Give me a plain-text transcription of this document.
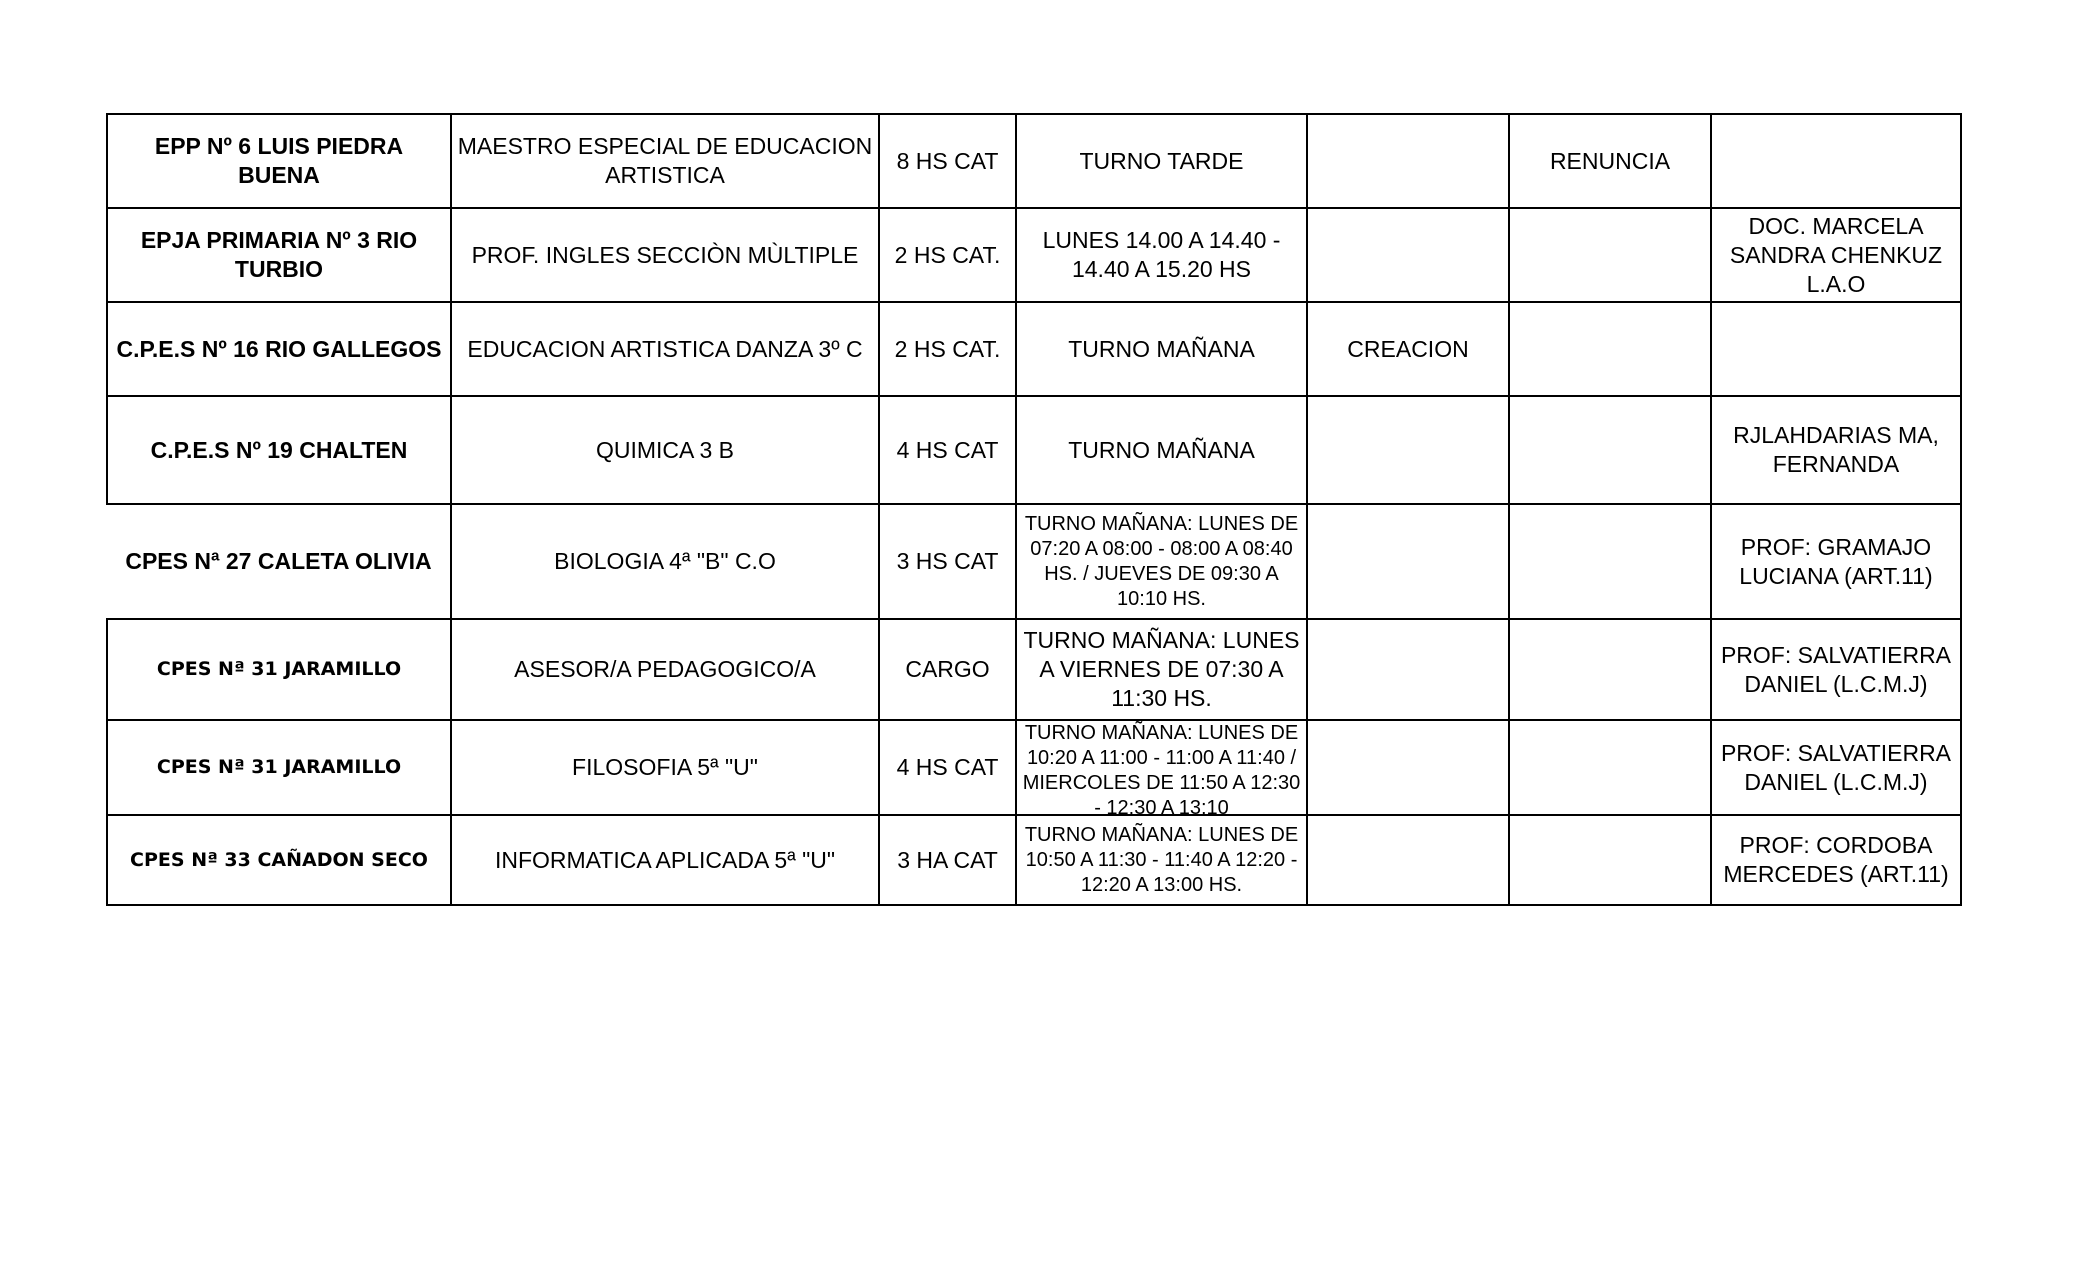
EPP Nº 6 LUIS PIEDRA BUENA	MAESTRO ESPECIAL DE EDUCACION ARTISTICA	8 HS CAT	TURNO TARDE		RENUNCIA	
EPJA PRIMARIA Nº 3 RIO TURBIO	PROF. INGLES SECCIÒN MÙLTIPLE	2 HS CAT.	LUNES 14.00 A 14.40 - 14.40 A 15.20 HS			DOC. MARCELA SANDRA CHENKUZ L.A.O
C.P.E.S Nº 16 RIO GALLEGOS	EDUCACION ARTISTICA DANZA 3º C	2 HS CAT.	TURNO MAÑANA	CREACION		
C.P.E.S Nº 19 CHALTEN	QUIMICA 3 B	4 HS CAT	TURNO MAÑANA			RJLAHDARIAS MA, FERNANDA
CPES Nª 27 CALETA OLIVIA	BIOLOGIA 4ª "B" C.O	3 HS CAT	TURNO MAÑANA: LUNES DE 07:20 A 08:00 - 08:00 A 08:40 HS. / JUEVES DE 09:30 A 10:10 HS.			PROF: GRAMAJO LUCIANA (ART.11)
CPES Nª 31 JARAMILLO	ASESOR/A PEDAGOGICO/A	CARGO	TURNO MAÑANA: LUNES A VIERNES DE 07:30 A 11:30 HS.			PROF: SALVATIERRA DANIEL (L.C.M.J)
CPES Nª 31 JARAMILLO	FILOSOFIA 5ª "U"	4 HS CAT	TURNO MAÑANA: LUNES DE 10:20 A 11:00 - 11:00 A 11:40 / MIERCOLES DE 11:50 A 12:30 - 12:30 A 13:10			PROF: SALVATIERRA DANIEL (L.C.M.J)
CPES Nª 33 CAÑADON SECO	INFORMATICA APLICADA 5ª "U"	3 HA CAT	TURNO MAÑANA: LUNES DE 10:50 A 11:30 - 11:40 A 12:20 - 12:20 A 13:00 HS.			PROF: CORDOBA MERCEDES (ART.11)
